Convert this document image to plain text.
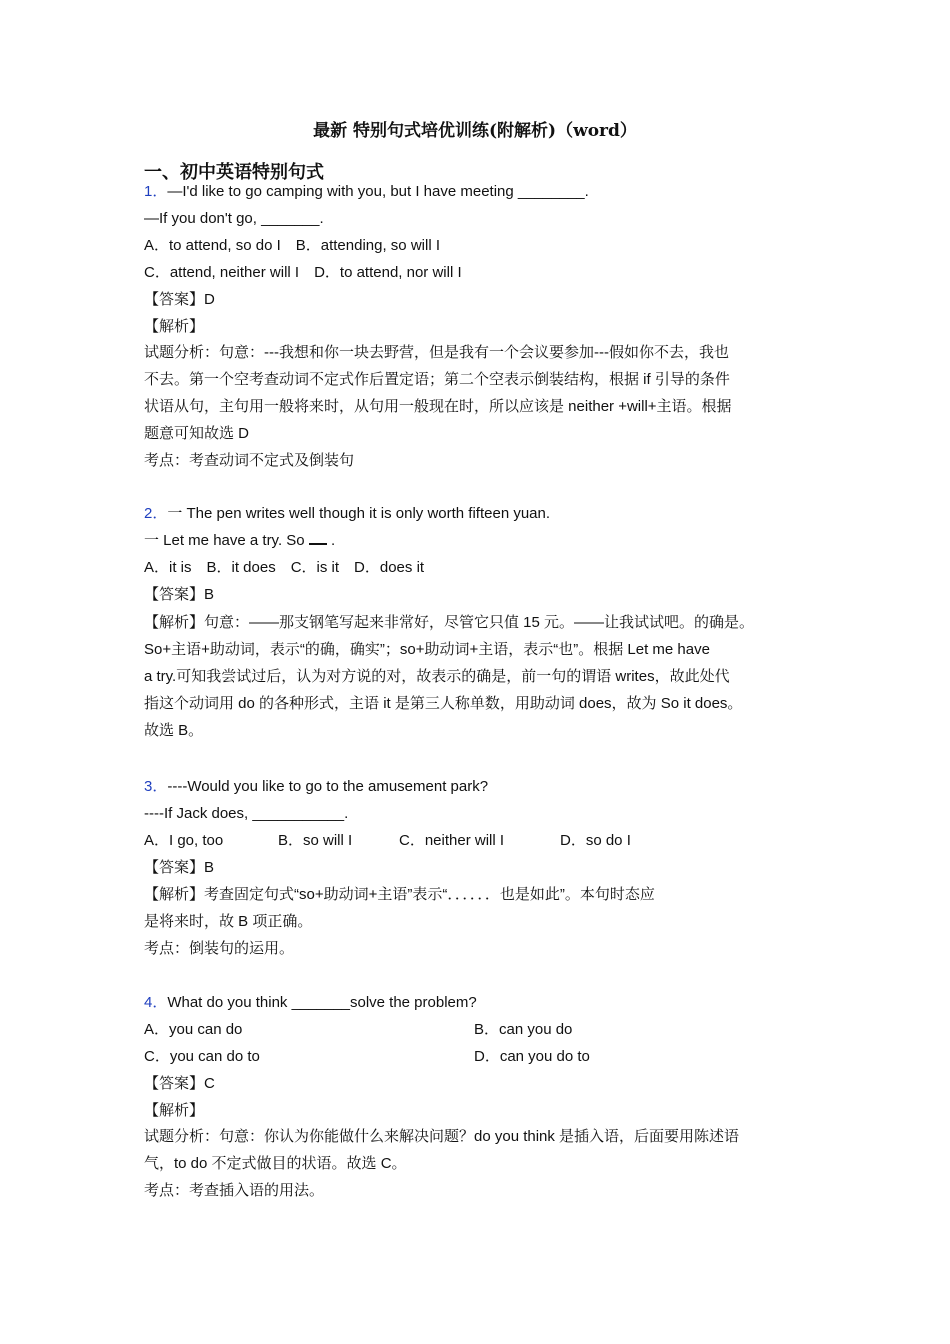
最新 特别句式培优训练(附解析)（word）
一、初中英语特别句式
1．—I'd like to go camping with you, but I have meeting ________.
—If you don't go, _______.
A．to attend, so do I　B．attending, so will I
C．attend, neither will I　D．to attend, nor will I
【答案】D
【解析】
试题分析：句意：---我想和你一块去野营，但是我有一个会议要参加---假如你不去，我也
不去。第一个空考查动词不定式作后置定语；第二个空表示倒装结构，根据 if 引导的条件
状语从句，主句用一般将来时，从句用一般现在时，所以应该是 neither +will+主语。根据
题意可知故选 D
考点：考查动词不定式及倒装句
2．一 The pen writes well though it is only worth fifteen yuan.
一 Let me have a try. So  .
A．it is　B．it does　C．is it　D．does it
【答案】B
【解析】句意：——那支钢笔写起来非常好，尽管它只值 15 元。——让我试试吧。的确是。
So+主语+助动词，表示“的确，确实”；so+助动词+主语，表示“也”。根据 Let me have
a try.可知我尝试过后，认为对方说的对，故表示的确是，前一句的谓语 writes，故此处代
指这个动词用 do 的各种形式，主语 it 是第三人称单数，用助动词 does，故为 So it does。
故选 B。
3．----Would you like to go to the amusement park?
----If Jack does, ___________.
A．I go, too	B．so will I	C．neither will I	D．so do I
【答案】B
【解析】考查固定句式“so+助动词+主语”表示“．．．．．．也是如此”。本句时态应
是将来时，故 B 项正确。
考点：倒装句的运用。
4．What do you think _______solve the problem?
A．you can do	B．can you do
C．you can do to	D．can you do to
【答案】C
【解析】
试题分析：句意：你认为你能做什么来解决问题？do you think 是插入语，后面要用陈述语
气，to do 不定式做目的状语。故选 C。
考点：考查插入语的用法。
